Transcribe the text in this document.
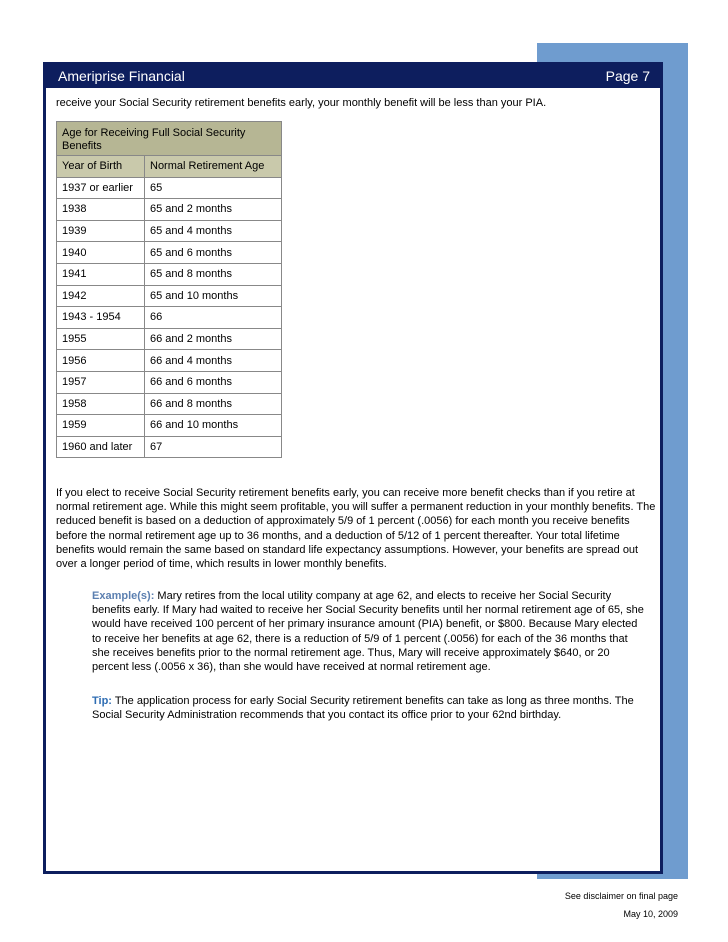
Ameriprise Financial	Page 7
receive your Social Security retirement benefits early, your monthly benefit will be less than your PIA.
Age for Receiving Full Social Security Benefits	
Year of Birth	Normal Retirement Age
1937 or earlier	65
1938	65 and 2 months
1939	65 and 4 months
1940	65 and 6 months
1941	65 and 8 months
1942	65 and 10 months
1943 - 1954	66
1955	66 and 2 months
1956	66 and 4 months
1957	66 and 6 months
1958	66 and 8 months
1959	66 and 10 months
1960 and later	67
If you elect to receive Social Security retirement benefits early, you can receive more benefit checks than if you retire at normal retirement age. While this might seem profitable, you will suffer a permanent reduction in your monthly benefits. The reduced benefit is based on a deduction of approximately 5/9 of 1 percent (.0056) for each month you receive benefits before the normal retirement age up to 36 months, and a deduction of 5/12 of 1 percent thereafter. Your total lifetime benefits would remain the same based on standard life expectancy assumptions. However, your benefits are spread out over a longer period of time, which results in lower monthly benefits.
Example(s): Mary retires from the local utility company at age 62, and elects to receive her Social Security benefits early. If Mary had waited to receive her Social Security benefits until her normal retirement age of 65, she would have received 100 percent of her primary insurance amount (PIA) benefit, or $800. Because Mary elected to receive her benefits at age 62, there is a reduction of 5/9 of 1 percent (.0056) for each of the 36 months that she receives benefits prior to the normal retirement age. Thus, Mary will receive approximately $640, or 20 percent less (.0056 x 36), than she would have received at normal retirement age.
Tip: The application process for early Social Security retirement benefits can take as long as three months. The Social Security Administration recommends that you contact its office prior to your 62nd birthday.
See disclaimer on final page
May 10, 2009
